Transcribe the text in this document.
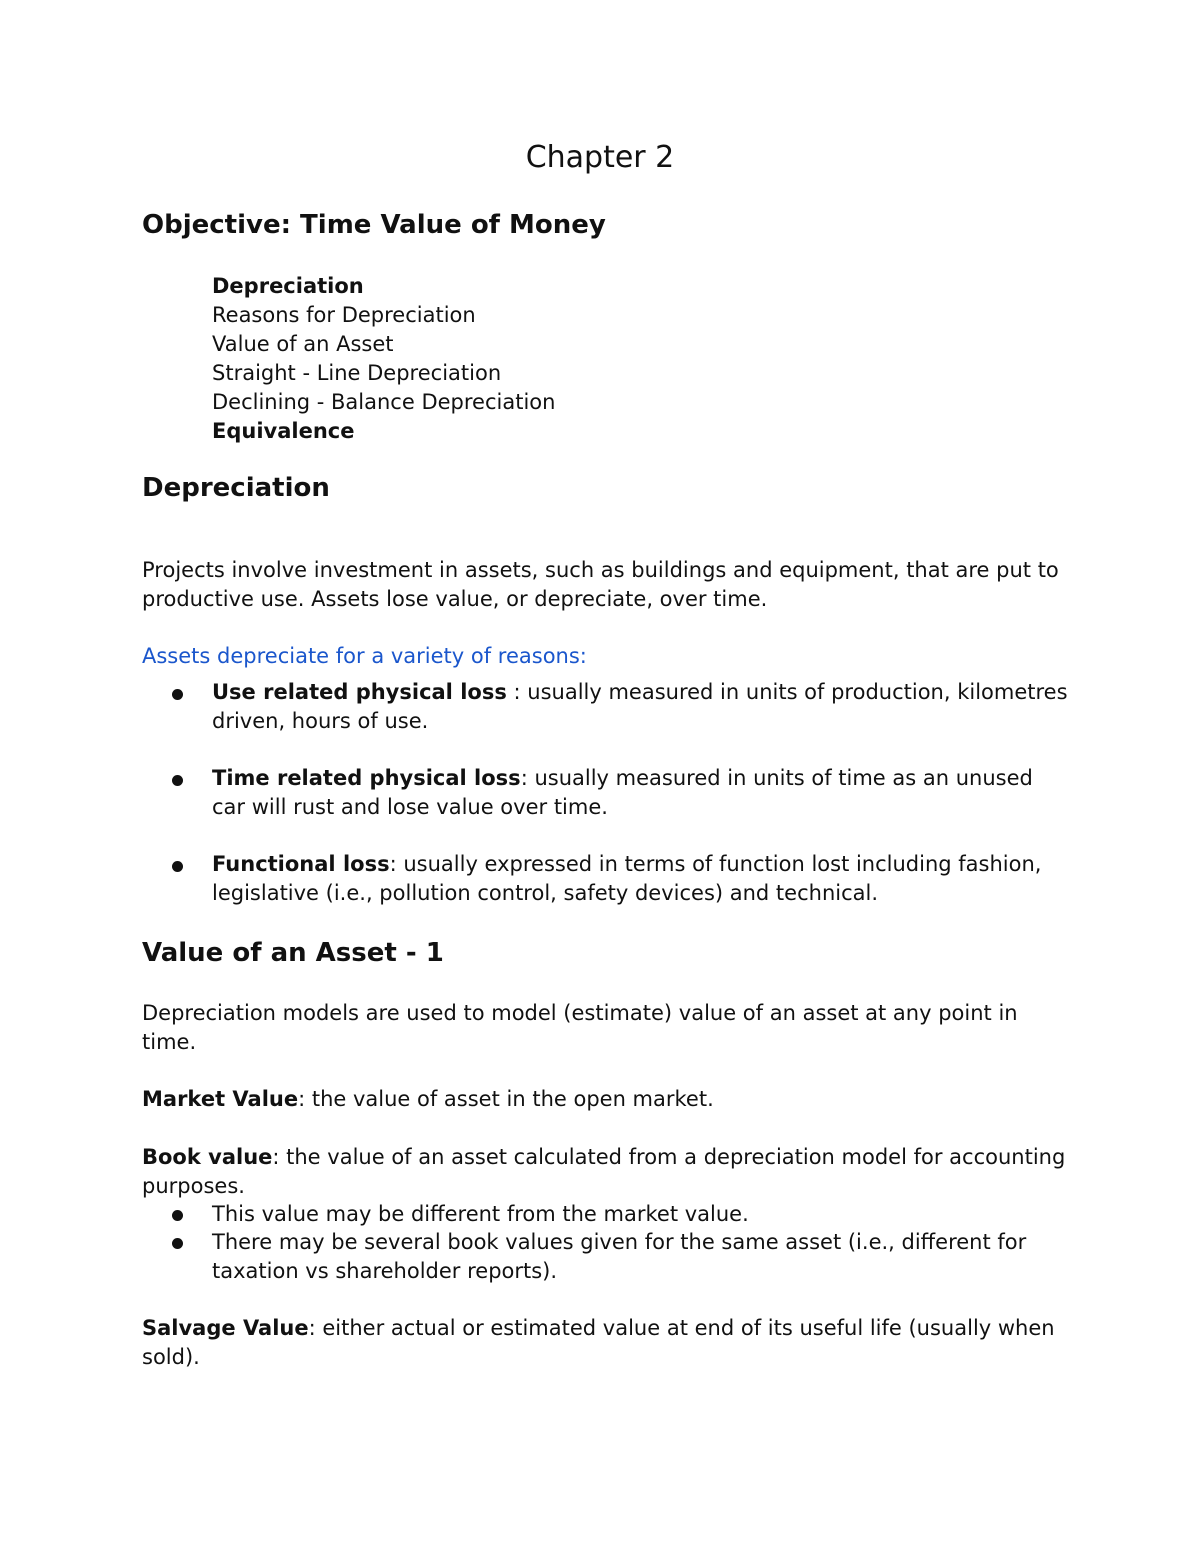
Chapter 2
Objective: Time Value of Money
Depreciation
Reasons for Depreciation
Value of an Asset
Straight - Line Depreciation
Declining - Balance Depreciation
Equivalence
Depreciation

Projects involve investment in assets, such as buildings and equipment, that are put to productive use. Assets lose value, or depreciate, over time.

Assets depreciate for a variety of reasons:

Use related physical loss : usually measured in units of production, kilometres driven, hours of use.

Time related physical loss: usually measured in units of time as an unused car will rust and lose value over time.

Functional loss: usually expressed in terms of function lost including fashion, legislative (i.e., pollution control, safety devices) and technical.

Value of an Asset - 1

Depreciation models are used to model (estimate) value of an asset at any point in time.

Market Value: the value of asset in the open market.

Book value: the value of an asset calculated from a depreciation model for accounting purposes.

This value may be different from the market value.

There may be several book values given for the same asset (i.e., different for taxation vs shareholder reports).

Salvage Value: either actual or estimated value at end of its useful life (usually when sold).
